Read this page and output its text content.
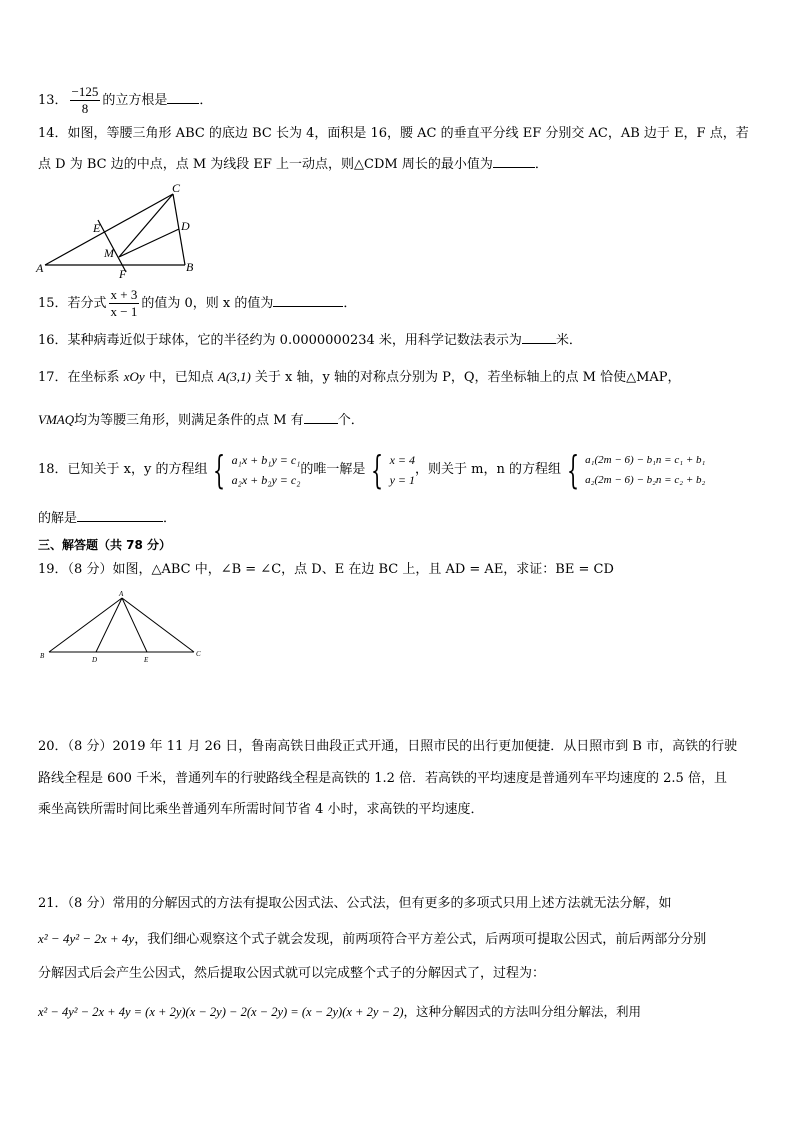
13． $\frac{-125}{8}$ 的立方根是 ．
14．如图，等腰三角形 ABC 的底边 BC 长为 4，面积是 16，腰 AC 的垂直平分线 EF 分别交 AC，AB 边于 E，F 点，若
点 D 为 BC 边的中点，点 M 为线段 EF 上一动点，则△CDM 周长的最小值为	．
A	B
C
D
E
F
M
15．若分式 $\frac{x + 3}{x - 1}$ 的值为 0，则 x 的值为	．
16．某种病毒近似于球体，它的半径约为 0.0000000234 米，用科学记数法表示为	米．
17．在坐标系 xOy 中，已知点 A(3,1) 关于 x 轴，y 轴的对称点分别为 P，Q，若坐标轴上的点 M 恰使△MAP，
VMAQ均为等腰三角形，则满足条件的点 M 有	个．
18．已知关于 x，y 的方程组 { a₁x + b₁y = c₁
a₂x + b₂y = c₂
的唯一解是 { x = 4
y = 1
，则关于 m，n 的方程组 { a₁(2m − 6) − b₁n = c₁ + b₁
a₂(2m − 6) − b₂n = c₂ + b₂
的解是	．
三、解答题（共 78 分）
19．（8 分）如图，△ABC 中，∠B = ∠C，点 D、E 在边 BC 上，且 AD = AE，求证：BE = CD
A
B	C
D	E
20．（8 分）2019 年 11 月 26 日，鲁南高铁日曲段正式开通，日照市民的出行更加便捷．从日照市到 B 市，高铁的行驶
路线全程是 600 千米，普通列车的行驶路线全程是高铁的 1.2 倍．若高铁的平均速度是普通列车平均速度的 2.5 倍，且
乘坐高铁所需时间比乘坐普通列车所需时间节省 4 小时，求高铁的平均速度．
21．（8 分）常用的分解因式的方法有提取公因式法、公式法，但有更多的多项式只用上述方法就无法分解，如
x² − 4y² − 2x + 4y，我们细心观察这个式子就会发现，前两项符合平方差公式，后两项可提取公因式，前后两部分分别
分解因式后会产生公因式，然后提取公因式就可以完成整个式子的分解因式了，过程为：
x² − 4y² − 2x + 4y = (x + 2y)(x − 2y) − 2(x − 2y) = (x − 2y)(x + 2y − 2)，这种分解因式的方法叫分组分解法，利用
